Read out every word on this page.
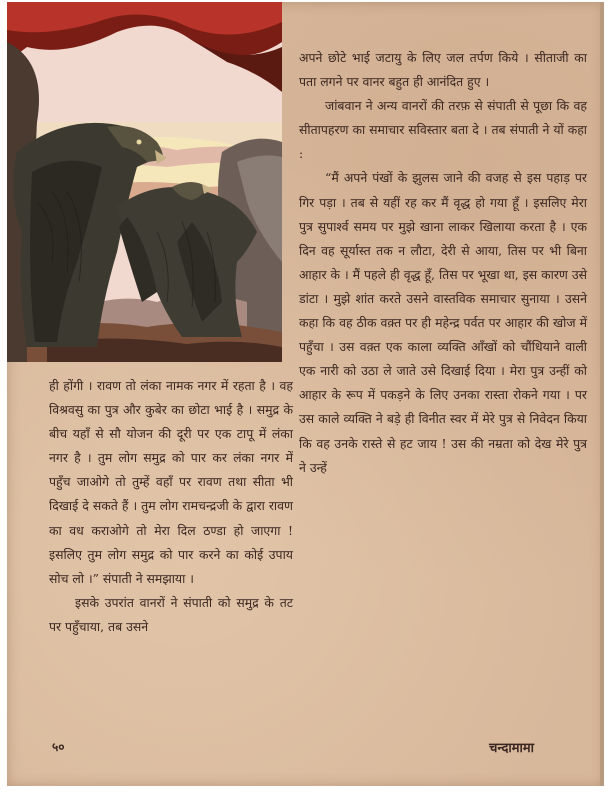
अपने छोटे भाई जटायु के लिए जल तर्पण किये । सीताजी का पता लगने पर वानर बहुत ही आनंदित हुए ।

जांबवान ने अन्य वानरों की तरफ़ से संपाती से पूछा कि वह सीतापहरण का समाचार सविस्तार बता दे । तब संपाती ने यों कहा :

“मैं अपने पंखों के झुलस जाने की वजह से इस पहाड़ पर गिर पड़ा । तब से यहीं रह कर मैं वृद्ध हो गया हूँ । इसलिए मेरा पुत्र सुपार्श्व समय पर मुझे खाना लाकर खिलाया करता है । एक दिन वह सूर्यास्त तक न लौटा, देरी से आया, तिस पर भी बिना आहार के । मैं पहले ही वृद्ध हूँ, तिस पर भूखा था, इस कारण उसे डांटा । मुझे शांत करते उसने वास्तविक समाचार सुनाया । उसने कहा कि वह ठीक वक़्त पर ही महेन्द्र पर्वत पर आहार की खोज में पहुँचा । उस वक़्त एक काला व्यक्ति आँखों को चौंधियाने वाली एक नारी को उठा ले जाते उसे दिखाई दिया । मेरा पुत्र उन्हीं को आहार के रूप में पकड़ने के लिए उनका रास्ता रोकने गया । पर उस काले व्यक्ति ने बड़े ही विनीत स्वर में मेरे पुत्र से निवेदन किया कि वह उनके रास्ते से हट जाय ! उस की नम्रता को देख मेरे पुत्र ने उन्हें

ही होंगी । रावण तो लंका नामक नगर में रहता है । वह विश्रवसु का पुत्र और कुबेर का छोटा भाई है । समुद्र के बीच यहाँ से सौ योजन की दूरी पर एक टापू में लंका नगर है । तुम लोग समुद्र को पार कर लंका नगर में पहुँच जाओगे तो तुम्हें वहाँ पर रावण तथा सीता भी दिखाई दे सकते हैं । तुम लोग रामचन्द्रजी के द्वारा रावण का वध कराओगे तो मेरा दिल ठण्डा हो जाएगा ! इसलिए तुम लोग समुद्र को पार करने का कोई उपाय सोच लो ।” संपाती ने समझाया ।

इसके उपरांत वानरों ने संपाती को समुद्र के तट पर पहुँचाया, तब उसने

५०	चन्दामामा
